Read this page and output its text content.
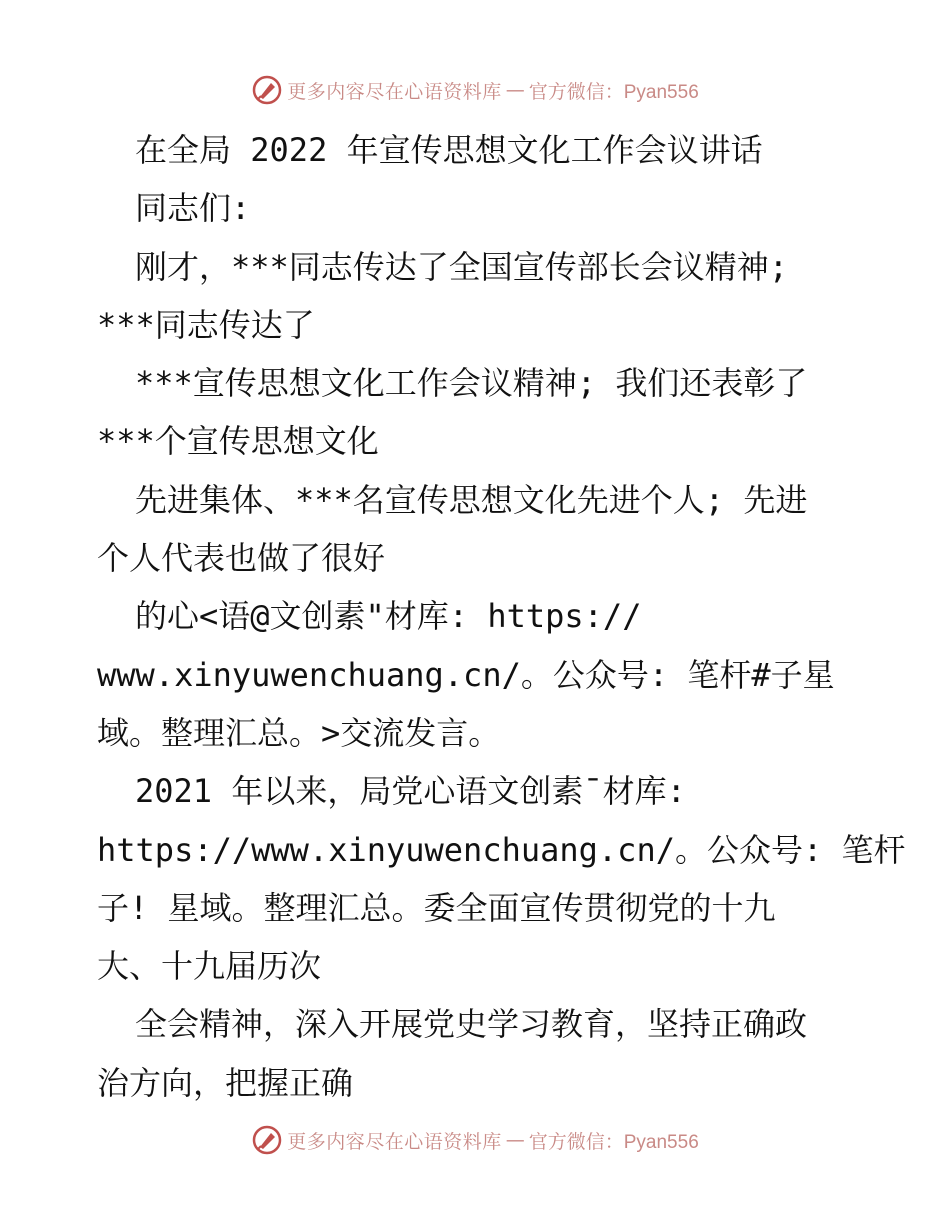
更多内容尽在心语资料库 — 官方微信：Pyan556
在全局 2022 年宣传思想文化工作会议讲话
同志们:
刚才，***同志传达了全国宣传部长会议精神;
***同志传达了
***宣传思想文化工作会议精神; 我们还表彰了
***个宣传思想文化
先进集体、***名宣传思想文化先进个人; 先进
个人代表也做了很好
的心<语@文创素"材库: https://
www.xinyuwenchuang.cn/。公众号: 笔杆#子星
域。整理汇总。>交流发言。
2021 年以来，局党心语文创素¯材库:
https://www.xinyuwenchuang.cn/。公众号: 笔杆
子! 星域。整理汇总。委全面宣传贯彻党的十九
大、十九届历次
全会精神，深入开展党史学习教育，坚持正确政
治方向，把握正确
更多内容尽在心语资料库 — 官方微信：Pyan556
